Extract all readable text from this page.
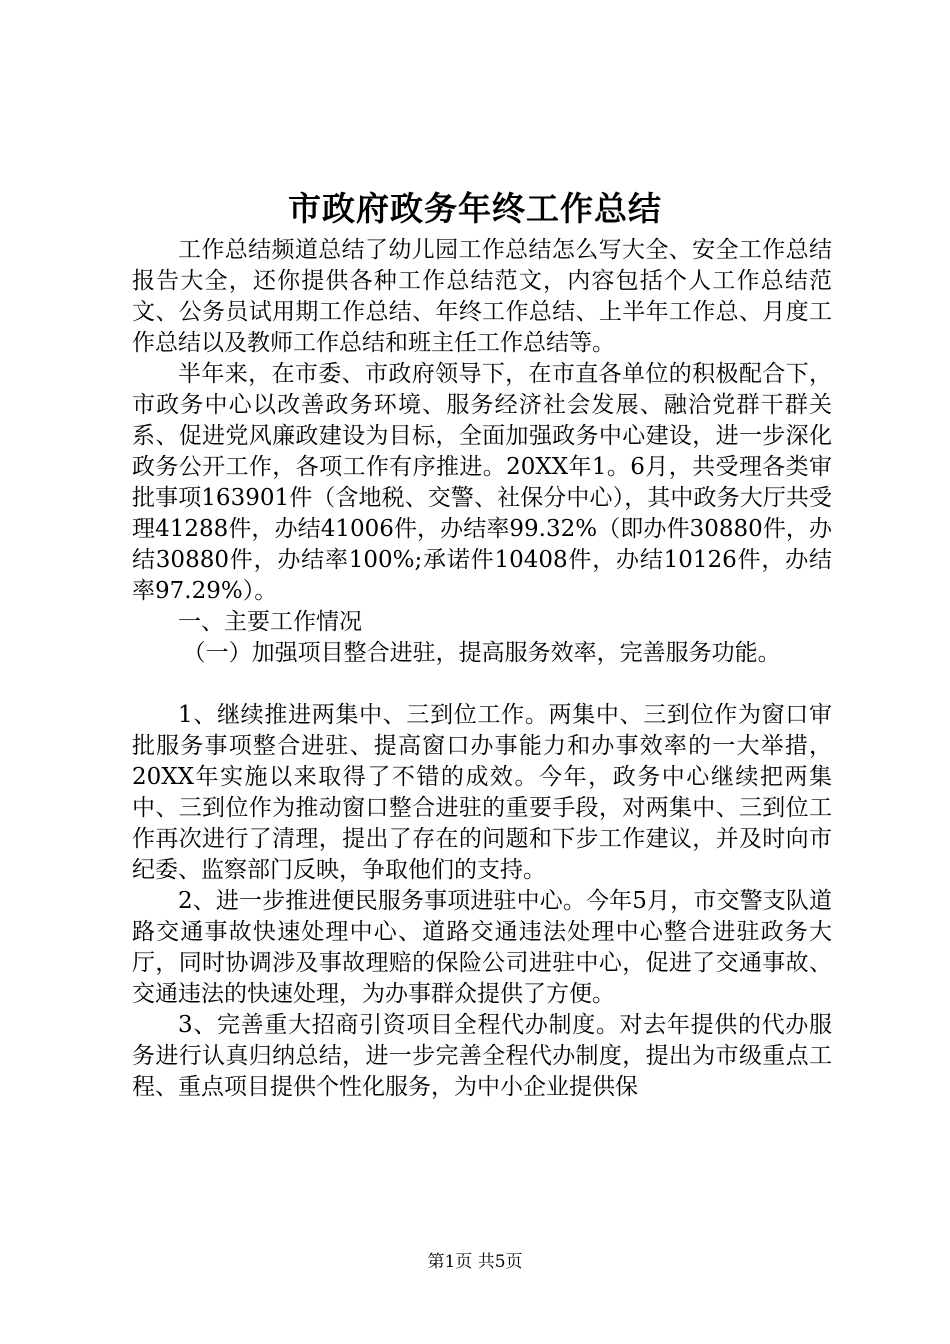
市政府政务年终工作总结

工作总结频道总结了幼儿园工作总结怎么写大全、安全工作总结报告大全，还你提供各种工作总结范文，内容包括个人工作总结范文、公务员试用期工作总结、年终工作总结、上半年工作总、月度工作总结以及教师工作总结和班主任工作总结等。

半年来，在市委、市政府领导下，在市直各单位的积极配合下，市政务中心以改善政务环境、服务经济社会发展、融洽党群干群关系、促进党风廉政建设为目标，全面加强政务中心建设，进一步深化政务公开工作，各项工作有序推进。20XX年1。6月，共受理各类审批事项163901件（含地税、交警、社保分中心），其中政务大厅共受理41288件，办结41006件，办结率99.32%（即办件30880件，办结30880件，办结率100%;承诺件10408件，办结10126件，办结率97.29%）。

一、主要工作情况

（一）加强项目整合进驻，提高服务效率，完善服务功能。

1、继续推进两集中、三到位工作。两集中、三到位作为窗口审批服务事项整合进驻、提高窗口办事能力和办事效率的一大举措，20XX年实施以来取得了不错的成效。今年，政务中心继续把两集中、三到位作为推动窗口整合进驻的重要手段，对两集中、三到位工作再次进行了清理，提出了存在的问题和下步工作建议，并及时向市纪委、监察部门反映，争取他们的支持。

2、进一步推进便民服务事项进驻中心。今年5月，市交警支队道路交通事故快速处理中心、道路交通违法处理中心整合进驻政务大厅，同时协调涉及事故理赔的保险公司进驻中心，促进了交通事故、交通违法的快速处理，为办事群众提供了方便。

3、完善重大招商引资项目全程代办制度。对去年提供的代办服务进行认真归纳总结，进一步完善全程代办制度，提出为市级重点工程、重点项目提供个性化服务，为中小企业提供保

第1页 共5页
